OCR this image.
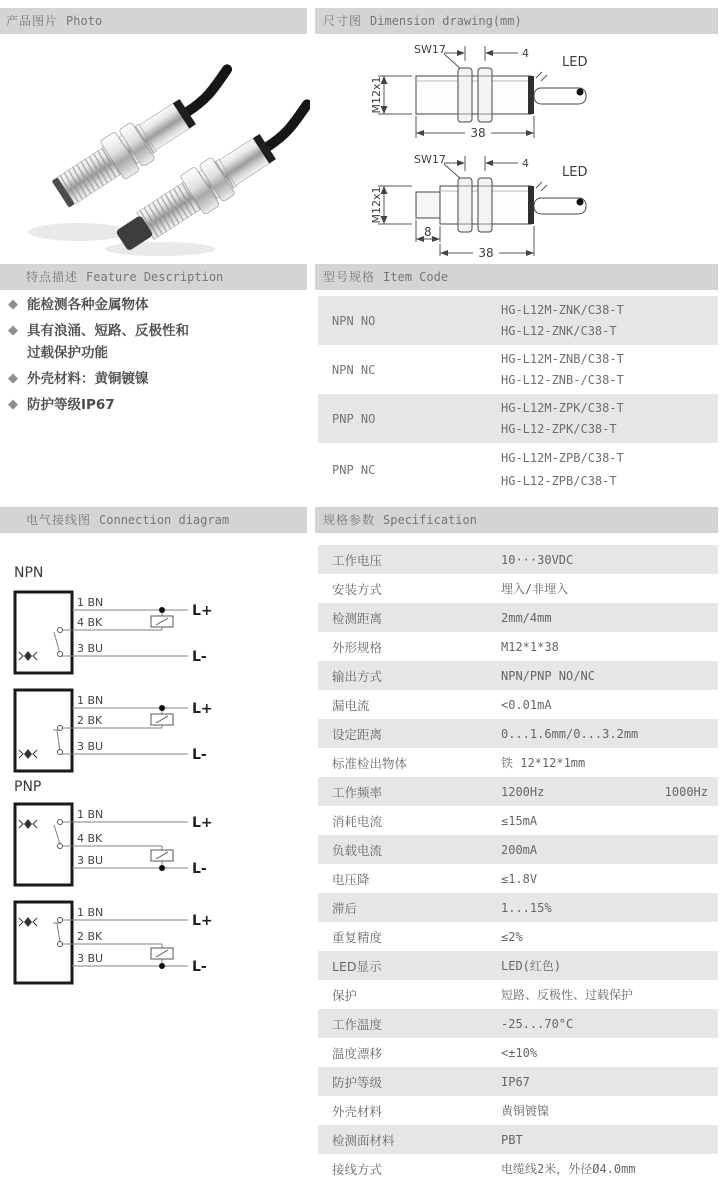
产品图片 Photo	尺寸图 Dimension drawing(mm)
SW17	4
LED
M12x1
38
SW17	4
LED
M12x1
8
38
特点描述 Feature Description	型号规格 Item Code
◆ 能检测各种金属物体
◆ 具有浪涌、短路、反极性和
过载保护功能
◆ 外壳材料：黄铜镀镍
◆ 防护等级IP67
NPN NO
HG-L12M-ZNK/C38-T
HG-L12-ZNK/C38-T
NPN NC
HG-L12M-ZNB/C38-T
HG-L12-ZNB-/C38-T
PNP NO
HG-L12M-ZPK/C38-T
HG-L12-ZPK/C38-T
PNP NC
HG-L12M-ZPB/C38-T
HG-L12-ZPB/C38-T
电气接线图 Connection diagram	规格参数 Specification
NPN
PNP
1 BN
4 BK
3 BU
L+
L-
1 BN
2 BK
3 BU
L+
L-
1 BN
4 BK
3 BU
L+
L-
1 BN
2 BK
3 BU
L+
L-
工作电压	10···30VDC
安装方式	埋入/非埋入
检测距离	2mm/4mm
外形规格	M12*1*38
输出方式	NPN/PNP NO/NC
漏电流	<0.01mA
设定距离	0...1.6mm/0...3.2mm
标准检出物体	铁 12*12*1mm
工作频率	1200Hz	1000Hz
消耗电流	≤15mA
负载电流	200mA
电压降	≤1.8V
滞后	1...15%
重复精度	≤2%
LED显示	LED(红色)
保护	短路、反极性、过载保护
工作温度	-25...70°C
温度漂移	<±10%
防护等级	IP67
外壳材料	黄铜镀镍
检测面材料	PBT
接线方式	电缆线2米，外径Ø4.0mm
